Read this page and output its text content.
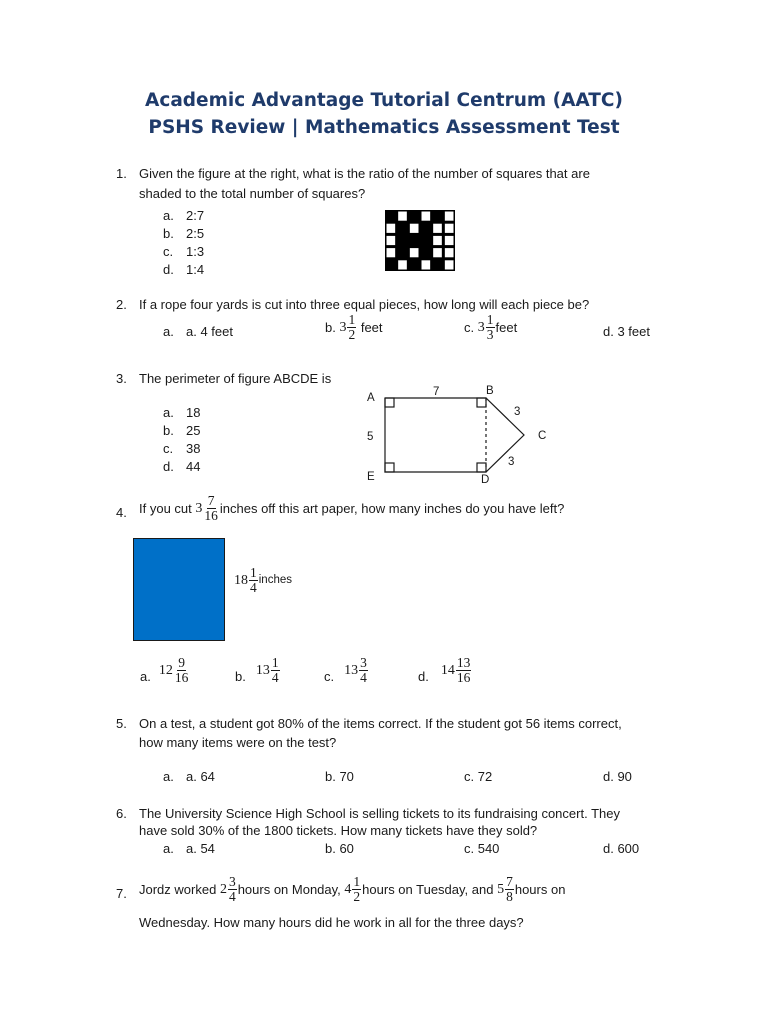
Academic Advantage Tutorial Centrum (AATC)
PSHS Review | Mathematics Assessment Test
1. Given the figure at the right, what is the ratio of the number of squares that are
shaded to the total number of squares?
a. 2:7
b. 2:5
c. 1:3
d. 1:4
2. If a rope four yards is cut into three equal pieces, how long will each piece be?
a. a. 4 feet	b. $3 \frac{1}{2}$ feet	c. $3 \frac{1}{3}$ feet	d. 3 feet
3. The perimeter of figure ABCDE is
a. 18
b. 25
c. 38
d. 44
A
B
C
D
E
7
5
3
3
4. If you cut $3 \frac{7}{16}$ inches off this art paper, how many inches do you have left?
$18 \frac{1}{4}$ inches
a. $12 \frac{9}{16}$	b. $13 \frac{1}{4}$	c. $13 \frac{3}{4}$	d. $14 \frac{13}{16}$
5. On a test, a student got 80% of the items correct. If the student got 56 items correct,
how many items were on the test?
a. a. 64	b. 70	c. 72	d. 90
6. The University Science High School is selling tickets to its fundraising concert. They
have sold 30% of the 1800 tickets. How many tickets have they sold?
a. a. 54	b. 60	c. 540	d. 600
7. Jordz worked $2 \frac{3}{4}$ hours on Monday, $4 \frac{1}{2}$ hours on Tuesday, and $5 \frac{7}{8}$ hours on
Wednesday. How many hours did he work in all for the three days?
